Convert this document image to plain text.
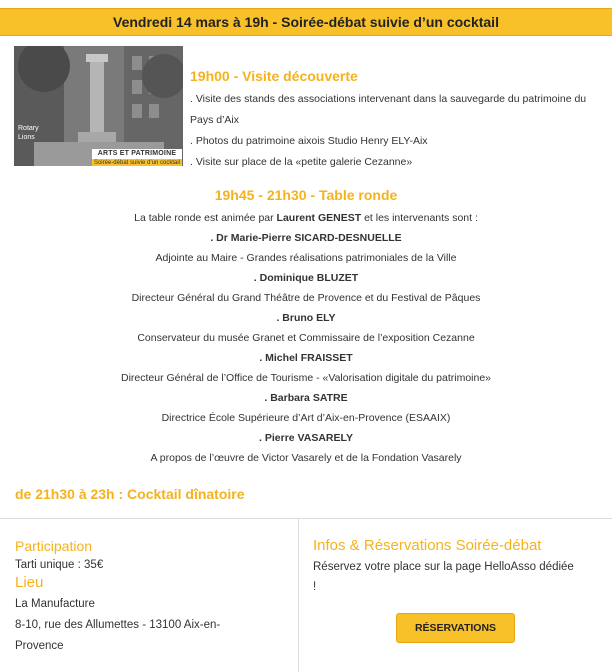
Vendredi 14 mars à 19h - Soirée-débat suivie d’un cocktail
Rotary
Lions
ARTS ET PATRIMOINE
Soirée-débat suivie d’un cocktail
19h00 - Visite découverte
. Visite des stands des associations intervenant dans la sauvegarde du patrimoine du Pays d’Aix
. Photos du patrimoine aixois Studio Henry ELY-Aix
. Visite sur place de la «petite galerie Cezanne»
19h45 - 21h30 - Table ronde
La table ronde est animée par Laurent GENEST et les intervenants sont :
. Dr Marie-Pierre SICARD-DESNUELLE
Adjointe au Maire - Grandes réalisations patrimoniales de la Ville
. Dominique BLUZET
Directeur Général du Grand Théâtre de Provence et du Festival de Pâques
. Bruno ELY
Conservateur du musée Granet et Commissaire de l’exposition Cezanne
. Michel FRAISSET
Directeur Général de l’Office de Tourisme - «Valorisation digitale du patrimoine»
. Barbara SATRE
Directrice École Supérieure d’Art d’Aix-en-Provence (ESAAIX)
. Pierre VASARELY
A propos de l’œuvre de Victor Vasarely et de la Fondation Vasarely
de 21h30 à 23h : Cocktail dînatoire
Participation
Tarti unique : 35€
Lieu
La Manufacture
8-10, rue des Allumettes - 13100 Aix-en-
Provence
Infos & Réservations Soirée-débat
Réservez votre place sur la page HelloAsso dédiée
!
RÉSERVATIONS
